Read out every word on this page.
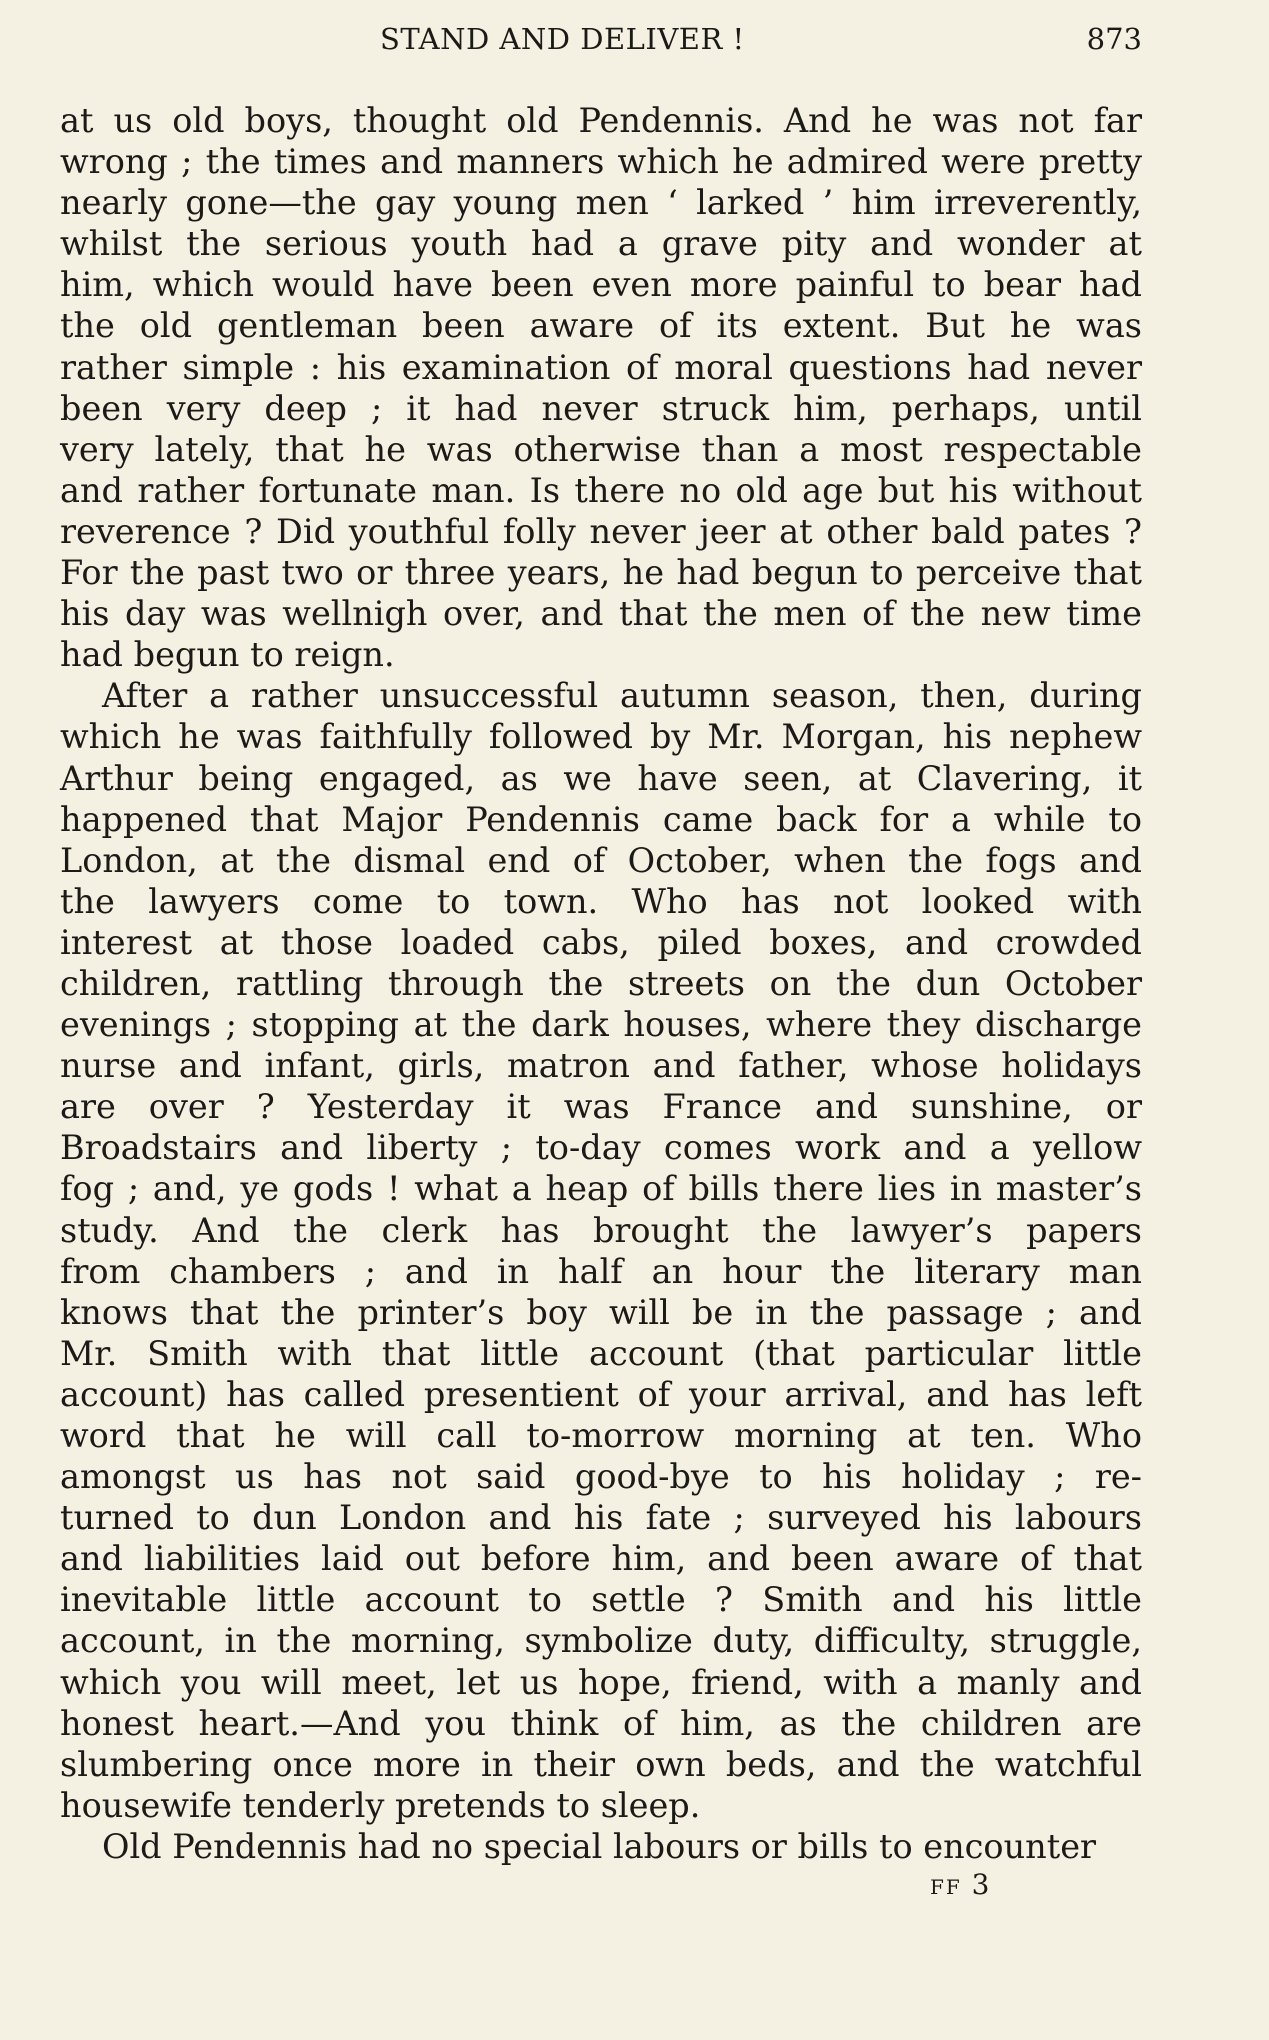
STAND AND DELIVER !	873
at us old boys, thought old Pendennis. And he was not far
wrong ; the times and manners which he admired were pretty
nearly gone—the gay young men ‘ larked ’ him irreverently,
whilst the serious youth had a grave pity and wonder at
him, which would have been even more painful to bear had
the old gentleman been aware of its extent. But he was
rather simple : his examination of moral questions had never
been very deep ; it had never struck him, perhaps, until
very lately, that he was otherwise than a most respectable
and rather fortunate man. Is there no old age but his without
reverence ? Did youthful folly never jeer at other bald pates ?
For the past two or three years, he had begun to perceive that
his day was wellnigh over, and that the men of the new time
had begun to reign.
After a rather unsuccessful autumn season, then, during
which he was faithfully followed by Mr. Morgan, his nephew
Arthur being engaged, as we have seen, at Clavering, it
happened that Major Pendennis came back for a while to
London, at the dismal end of October, when the fogs and
the lawyers come to town. Who has not looked with
interest at those loaded cabs, piled boxes, and crowded
children, rattling through the streets on the dun October
evenings ; stopping at the dark houses, where they discharge
nurse and infant, girls, matron and father, whose holidays
are over ? Yesterday it was France and sunshine, or
Broadstairs and liberty ; to-day comes work and a yellow
fog ; and, ye gods ! what a heap of bills there lies in master’s
study. And the clerk has brought the lawyer’s papers
from chambers ; and in half an hour the literary man
knows that the printer’s boy will be in the passage ; and
Mr. Smith with that little account (that particular little
account) has called presentient of your arrival, and has left
word that he will call to-morrow morning at ten. Who
amongst us has not said good-bye to his holiday ; re-
turned to dun London and his fate ; surveyed his labours
and liabilities laid out before him, and been aware of that
inevitable little account to settle ? Smith and his little
account, in the morning, symbolize duty, difficulty, struggle,
which you will meet, let us hope, friend, with a manly and
honest heart.—And you think of him, as the children are
slumbering once more in their own beds, and the watchful
housewife tenderly pretends to sleep.
Old Pendennis had no special labours or bills to encounter
FF 3
